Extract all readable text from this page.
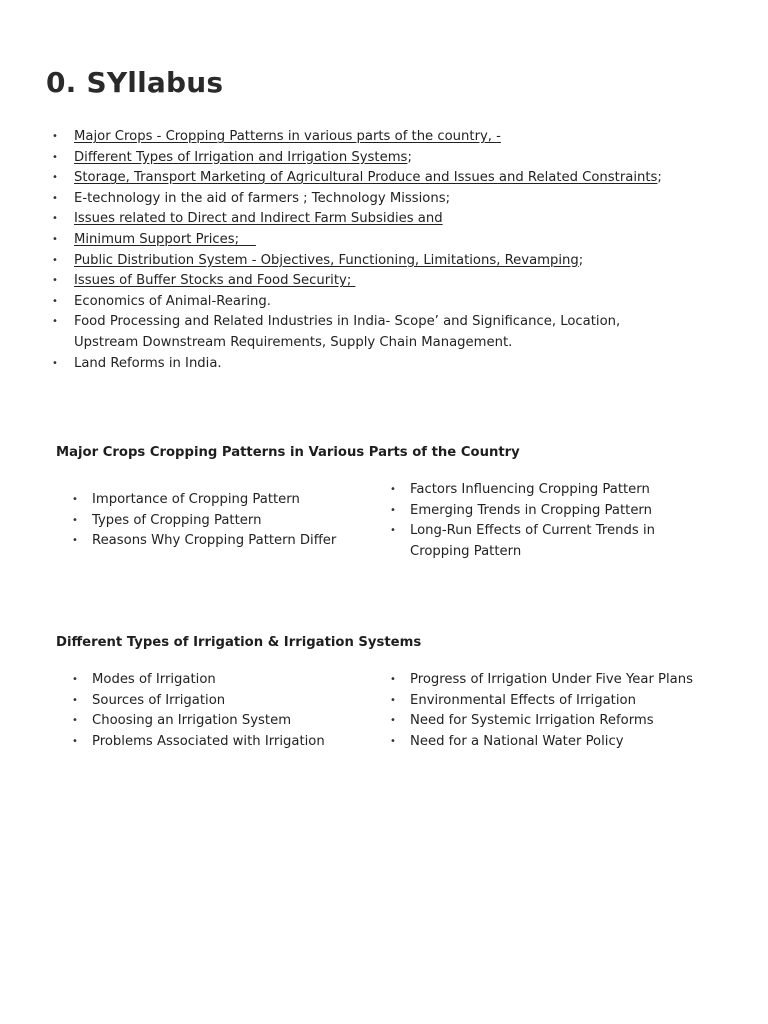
0. SYllabus
• Major Crops - Cropping Patterns in various parts of the country, -
• Different Types of Irrigation and Irrigation Systems;
• Storage, Transport Marketing of Agricultural Produce and Issues and Related Constraints;
• E-technology in the aid of farmers ; Technology Missions;
• Issues related to Direct and Indirect Farm Subsidies and
• Minimum Support Prices;
• Public Distribution System - Objectives, Functioning, Limitations, Revamping;
• Issues of Buffer Stocks and Food Security;
• Economics of Animal-Rearing.
• Food Processing and Related Industries in India- Scope’ and Significance, Location, Upstream Downstream Requirements, Supply Chain Management.
• Land Reforms in India.
Major Crops Cropping Patterns in Various Parts of the Country
• Importance of Cropping Pattern
• Types of Cropping Pattern
• Reasons Why Cropping Pattern Differ
• Factors Influencing Cropping Pattern
• Emerging Trends in Cropping Pattern
• Long-Run Effects of Current Trends in Cropping Pattern
Different Types of Irrigation & Irrigation Systems
• Modes of Irrigation
• Sources of Irrigation
• Choosing an Irrigation System
• Problems Associated with Irrigation
• Progress of Irrigation Under Five Year Plans
• Environmental Effects of Irrigation
• Need for Systemic Irrigation Reforms
• Need for a National Water Policy
